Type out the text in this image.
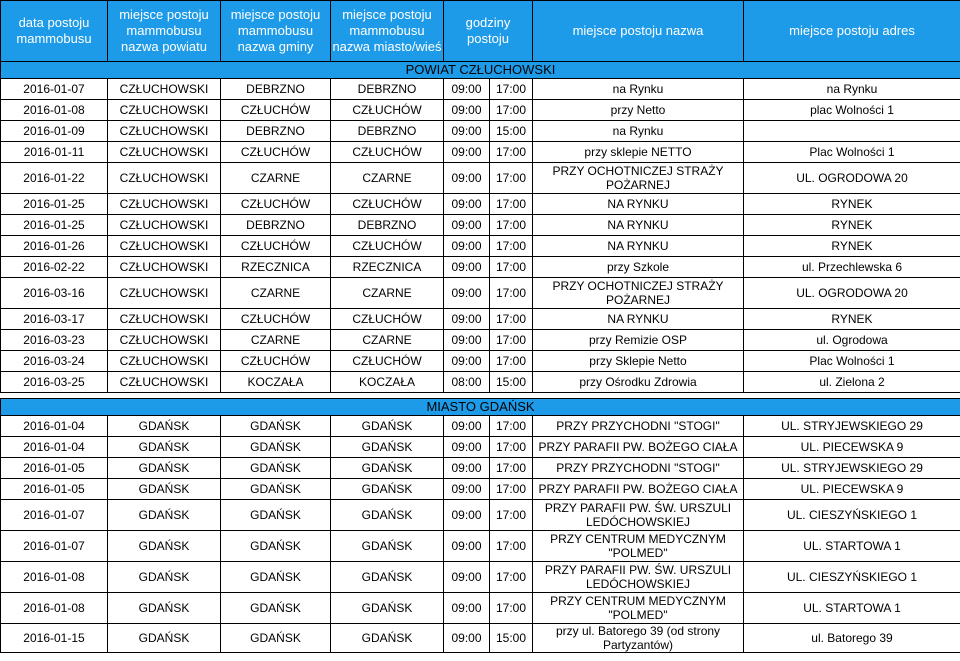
data postoju mammobusu	miejsce postoju mammobusu nazwa powiatu	miejsce postoju mammobusu nazwa gminy	miejsce postoju mammobusu nazwa miasto/wieś	godziny postoju		miejsce postoju nazwa	miejsce postoju adres
POWIAT CZŁUCHOWSKI							
2016-01-07	CZŁUCHOWSKI	DEBRZNO	DEBRZNO	09:00	17:00	na Rynku	na Rynku
2016-01-08	CZŁUCHOWSKI	CZŁUCHÓW	CZŁUCHÓW	09:00	17:00	przy Netto	plac Wolności 1
2016-01-09	CZŁUCHOWSKI	DEBRZNO	DEBRZNO	09:00	15:00	na Rynku	
2016-01-11	CZŁUCHOWSKI	CZŁUCHÓW	CZŁUCHÓW	09:00	17:00	przy sklepie NETTO	Plac Wolności 1
2016-01-22	CZŁUCHOWSKI	CZARNE	CZARNE	09:00	17:00	PRZY OCHOTNICZEJ STRAŻY POŻARNEJ	UL. OGRODOWA 20
2016-01-25	CZŁUCHOWSKI	CZŁUCHÓW	CZŁUCHÓW	09:00	17:00	NA RYNKU	RYNEK
2016-01-25	CZŁUCHOWSKI	DEBRZNO	DEBRZNO	09:00	17:00	NA RYNKU	RYNEK
2016-01-26	CZŁUCHOWSKI	CZŁUCHÓW	CZŁUCHÓW	09:00	17:00	NA RYNKU	RYNEK
2016-02-22	CZŁUCHOWSKI	RZECZNICA	RZECZNICA	09:00	17:00	przy Szkole	ul. Przechlewska 6
2016-03-16	CZŁUCHOWSKI	CZARNE	CZARNE	09:00	17:00	PRZY OCHOTNICZEJ STRAŻY POŻARNEJ	UL. OGRODOWA 20
2016-03-17	CZŁUCHOWSKI	CZŁUCHÓW	CZŁUCHÓW	09:00	17:00	NA RYNKU	RYNEK
2016-03-23	CZŁUCHOWSKI	CZARNE	CZARNE	09:00	17:00	przy Remizie OSP	ul. Ogrodowa
2016-03-24	CZŁUCHOWSKI	CZŁUCHÓW	CZŁUCHÓW	09:00	17:00	przy Sklepie Netto	Plac Wolności 1
2016-03-25	CZŁUCHOWSKI	KOCZAŁA	KOCZAŁA	08:00	15:00	przy Ośrodku Zdrowia	ul. Zielona 2

MIASTO GDAŃSK							
2016-01-04	GDAŃSK	GDAŃSK	GDAŃSK	09:00	17:00	PRZY PRZYCHODNI "STOGI"	UL. STRYJEWSKIEGO 29
2016-01-04	GDAŃSK	GDAŃSK	GDAŃSK	09:00	17:00	PRZY PARAFII PW. BOŻEGO CIAŁA	UL. PIECEWSKA 9
2016-01-05	GDAŃSK	GDAŃSK	GDAŃSK	09:00	17:00	PRZY PRZYCHODNI "STOGI"	UL. STRYJEWSKIEGO 29
2016-01-05	GDAŃSK	GDAŃSK	GDAŃSK	09:00	17:00	PRZY PARAFII PW. BOŻEGO CIAŁA	UL. PIECEWSKA 9
2016-01-07	GDAŃSK	GDAŃSK	GDAŃSK	09:00	17:00	PRZY PARAFII PW. ŚW. URSZULI LEDÓCHOWSKIEJ	UL. CIESZYŃSKIEGO 1
2016-01-07	GDAŃSK	GDAŃSK	GDAŃSK	09:00	17:00	PRZY CENTRUM MEDYCZNYM "POLMED"	UL. STARTOWA 1
2016-01-08	GDAŃSK	GDAŃSK	GDAŃSK	09:00	17:00	PRZY PARAFII PW. ŚW. URSZULI LEDÓCHOWSKIEJ	UL. CIESZYŃSKIEGO 1
2016-01-08	GDAŃSK	GDAŃSK	GDAŃSK	09:00	17:00	PRZY CENTRUM MEDYCZNYM "POLMED"	UL. STARTOWA 1
2016-01-15	GDAŃSK	GDAŃSK	GDAŃSK	09:00	15:00	przy ul. Batorego 39 (od strony Partyzantów)	ul. Batorego 39
